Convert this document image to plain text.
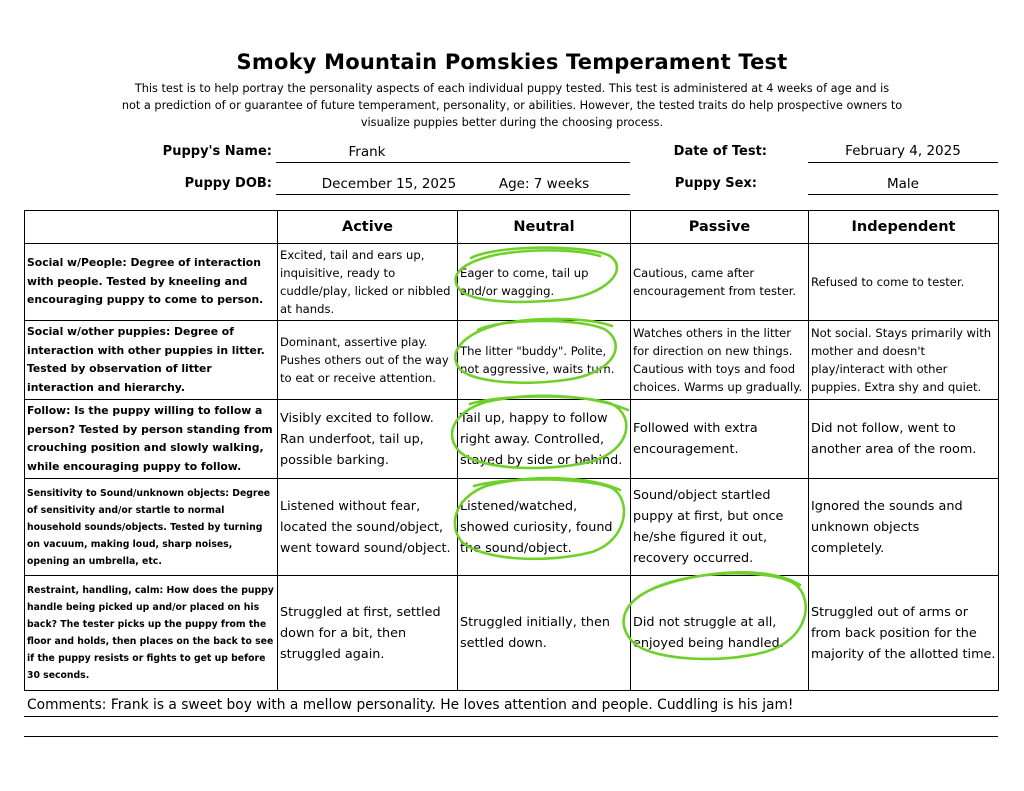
Smoky Mountain Pomskies Temperament Test
This test is to help portray the personality aspects of each individual puppy tested. This test is administered at 4 weeks of age and is
not a prediction of or guarantee of future temperament, personality, or abilities. However, the tested traits do help prospective owners to
visualize puppies better during the choosing process.
Puppy's Name:	Frank	Date of Test:	February 4, 2025
Puppy DOB:	December 15, 2025	Age: 7 weeks	Puppy Sex:	Male
	Active	Neutral	Passive	Independent
Social w/People: Degree of interaction with people. Tested by kneeling and encouraging puppy to come to person.	Excited, tail and ears up, inquisitive, ready to cuddle/play, licked or nibbled at hands.	Eager to come, tail up and/or wagging.	Cautious, came after encouragement from tester.	Refused to come to tester.
Social w/other puppies: Degree of interaction with other puppies in litter. Tested by observation of litter interaction and hierarchy.	Dominant, assertive play. Pushes others out of the way to eat or receive attention.	The litter "buddy". Polite, not aggressive, waits turn.	Watches others in the litter for direction on new things. Cautious with toys and food choices. Warms up gradually.	Not social. Stays primarily with mother and doesn't play/interact with other puppies. Extra shy and quiet.
Follow: Is the puppy willing to follow a person? Tested by person standing from crouching position and slowly walking, while encouraging puppy to follow.	Visibly excited to follow. Ran underfoot, tail up, possible barking.	Tail up, happy to follow right away. Controlled, stayed by side or behind.	Followed with extra encouragement.	Did not follow, went to another area of the room.
Sensitivity to Sound/unknown objects: Degree of sensitivity and/or startle to normal household sounds/objects. Tested by turning on vacuum, making loud, sharp noises, opening an umbrella, etc.	Listened without fear, located the sound/object, went toward sound/object.	Listened/watched, showed curiosity, found the sound/object.	Sound/object startled puppy at first, but once he/she figured it out, recovery occurred.	Ignored the sounds and unknown objects completely.
Restraint, handling, calm: How does the puppy handle being picked up and/or placed on his back? The tester picks up the puppy from the floor and holds, then places on the back to see if the puppy resists or fights to get up before 30 seconds.	Struggled at first, settled down for a bit, then struggled again.	Struggled initially, then settled down.	Did not struggle at all, enjoyed being handled.	Struggled out of arms or from back position for the majority of the allotted time.
Comments: Frank is a sweet boy with a mellow personality. He loves attention and people. Cuddling is his jam!
